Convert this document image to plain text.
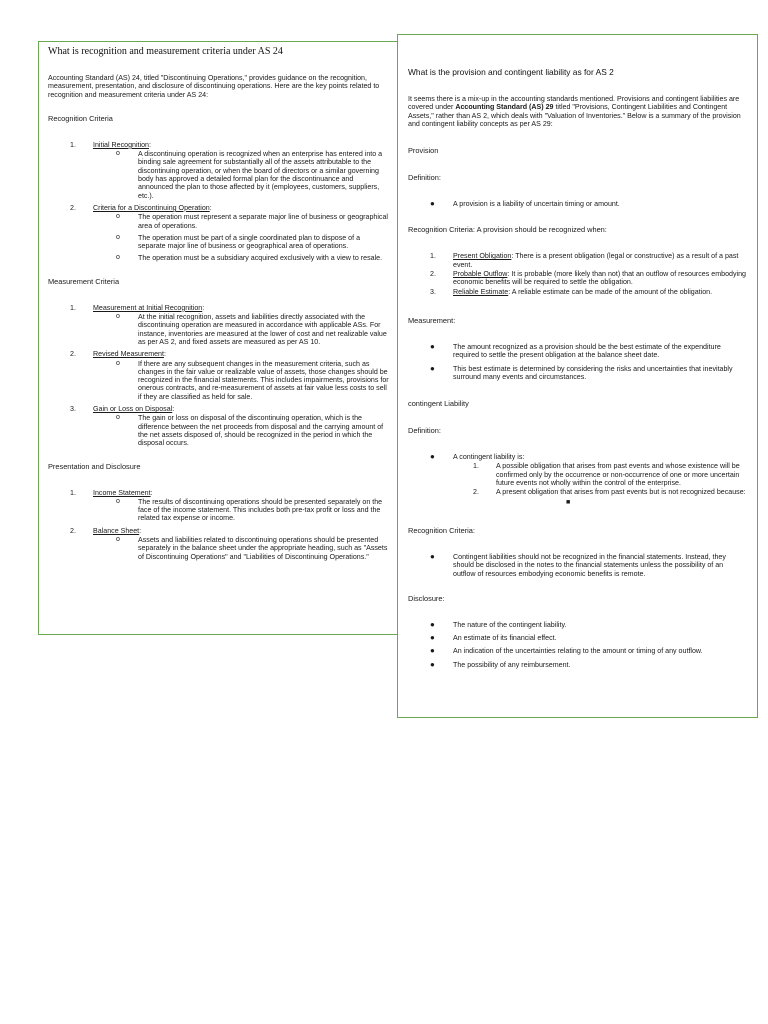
What is recognition and measurement criteria under AS 24

Accounting Standard (AS) 24, titled "Discontinuing Operations," provides guidance on the recognition, measurement, presentation, and disclosure of discontinuing operations. Here are the key points related to recognition and measurement criteria under AS 24:

Recognition Criteria

1. Initial Recognition:
o	A discontinuing operation is recognized when an enterprise has entered into a binding sale agreement for substantially all of the assets attributable to the discontinuing operation, or when the board of directors or a similar governing body has approved a detailed formal plan for the discontinuance and announced the plan to those affected by it (employees, customers, suppliers, etc.).
2. Criteria for a Discontinuing Operation:
o	The operation must represent a separate major line of business or geographical area of operations.
o	The operation must be part of a single coordinated plan to dispose of a separate major line of business or geographical area of operations.
o	The operation must be a subsidiary acquired exclusively with a view to resale.

Measurement Criteria

1. Measurement at Initial Recognition:
o	At the initial recognition, assets and liabilities directly associated with the discontinuing operation are measured in accordance with applicable ASs. For instance, inventories are measured at the lower of cost and net realizable value as per AS 2, and fixed assets are measured as per AS 10.
2. Revised Measurement:
o	If there are any subsequent changes in the measurement criteria, such as changes in the fair value or realizable value of assets, those changes should be recognized in the financial statements. This includes impairments, provisions for onerous contracts, and re-measurement of assets at fair value less costs to sell if they are classified as held for sale.
3. Gain or Loss on Disposal:
o	The gain or loss on disposal of the discontinuing operation, which is the difference between the net proceeds from disposal and the carrying amount of the net assets disposed of, should be recognized in the period in which the disposal occurs.

Presentation and Disclosure

1. Income Statement:
o	The results of discontinuing operations should be presented separately on the face of the income statement. This includes both pre-tax profit or loss and the related tax expense or income.
2. Balance Sheet:
o	Assets and liabilities related to discontinuing operations should be presented separately in the balance sheet under the appropriate heading, such as "Assets of Discontinuing Operations" and "Liabilities of Discontinuing Operations."

What is the provision and contingent liability as for AS 2

It seems there is a mix-up in the accounting standards mentioned. Provisions and contingent liabilities are covered under Accounting Standard (AS) 29 titled "Provisions, Contingent Liabilities and Contingent Assets," rather than AS 2, which deals with "Valuation of Inventories." Below is a summary of the provision and contingent liability concepts as per AS 29:

Provision

Definition:

●	A provision is a liability of uncertain timing or amount.

Recognition Criteria: A provision should be recognized when:

1. Present Obligation: There is a present obligation (legal or constructive) as a result of a past event.
2. Probable Outflow: It is probable (more likely than not) that an outflow of resources embodying economic benefits will be required to settle the obligation.
3. Reliable Estimate: A reliable estimate can be made of the amount of the obligation.

Measurement:

●	The amount recognized as a provision should be the best estimate of the expenditure required to settle the present obligation at the balance sheet date.
●	This best estimate is determined by considering the risks and uncertainties that inevitably surround many events and circumstances.

contingent Liability

Definition:

●	A contingent liability is:
1. A possible obligation that arises from past events and whose existence will be confirmed only by the occurrence or non-occurrence of one or more uncertain future events not wholly within the control of the enterprise.
2. A present obligation that arises from past events but is not recognized because:
■

Recognition Criteria:

●	Contingent liabilities should not be recognized in the financial statements. Instead, they should be disclosed in the notes to the financial statements unless the possibility of an outflow of resources embodying economic benefits is remote.

Disclosure:

●	The nature of the contingent liability.
●	An estimate of its financial effect.
●	An indication of the uncertainties relating to the amount or timing of any outflow.
●	The possibility of any reimbursement.
